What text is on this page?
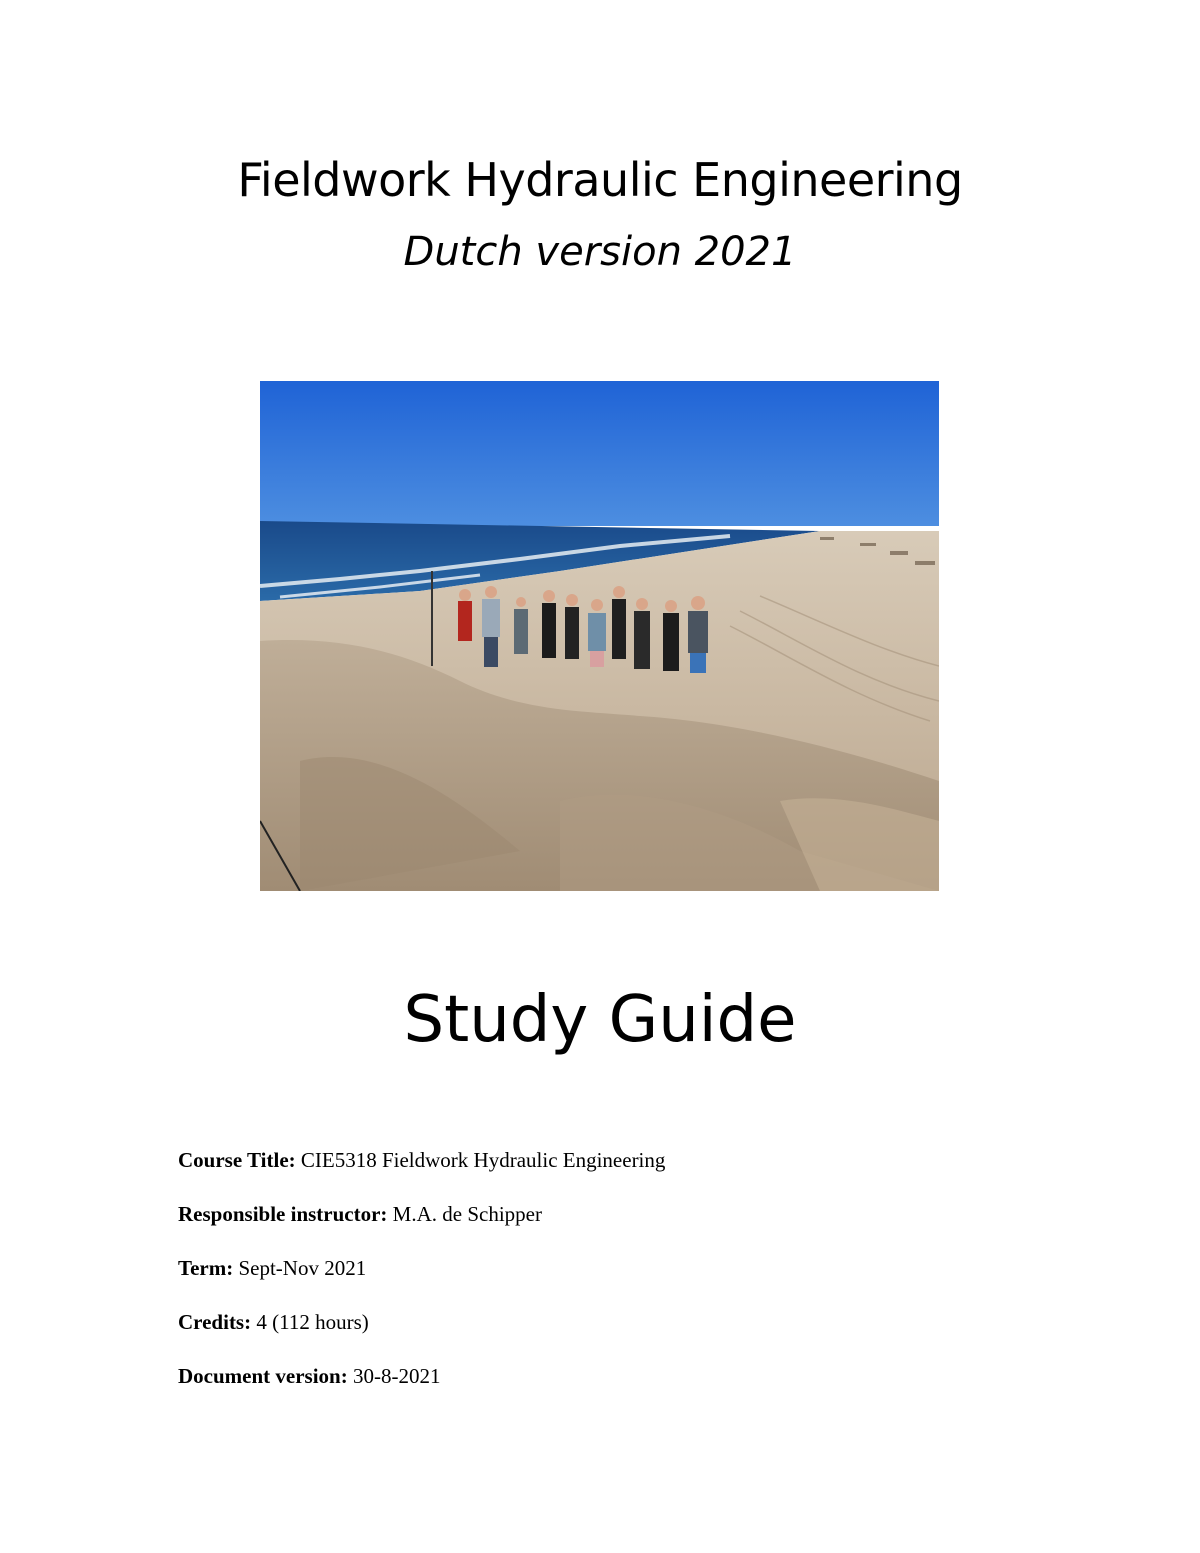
Fieldwork Hydraulic Engineering
Dutch version 2021
Study Guide
Course Title: CIE5318 Fieldwork Hydraulic Engineering
Responsible instructor: M.A. de Schipper
Term: Sept-Nov 2021
Credits: 4 (112 hours)
Document version: 30-8-2021
